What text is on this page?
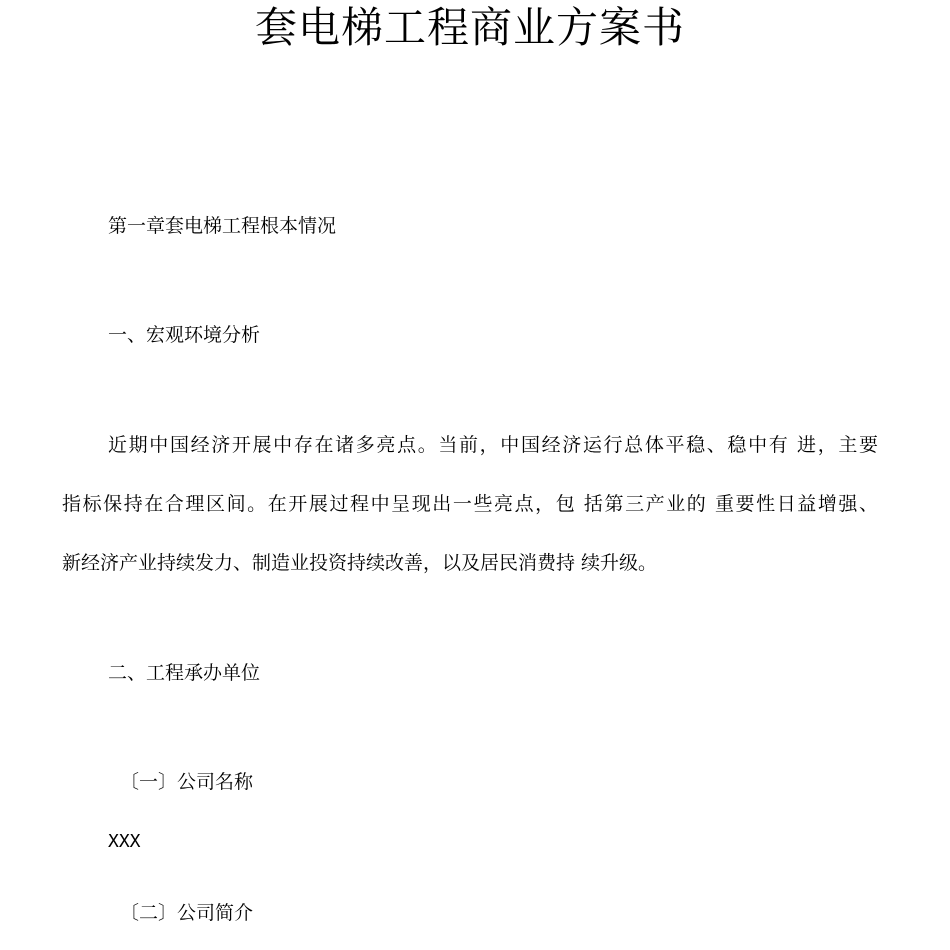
套电梯工程商业方案书

第一章套电梯工程根本情况

一、宏观环境分析

近期中国经济开展中存在诸多亮点。当前，中国经济运行总体平稳、稳中有 进，主要

指标保持在合理区间。在开展过程中呈现出一些亮点，包 括第三产业的 重要性日益增强、

新经济产业持续发力、制造业投资持续改善，以及居民消费持 续升级。

二、工程承办单位

〔一〕公司名称

XXX

〔二〕公司简介
